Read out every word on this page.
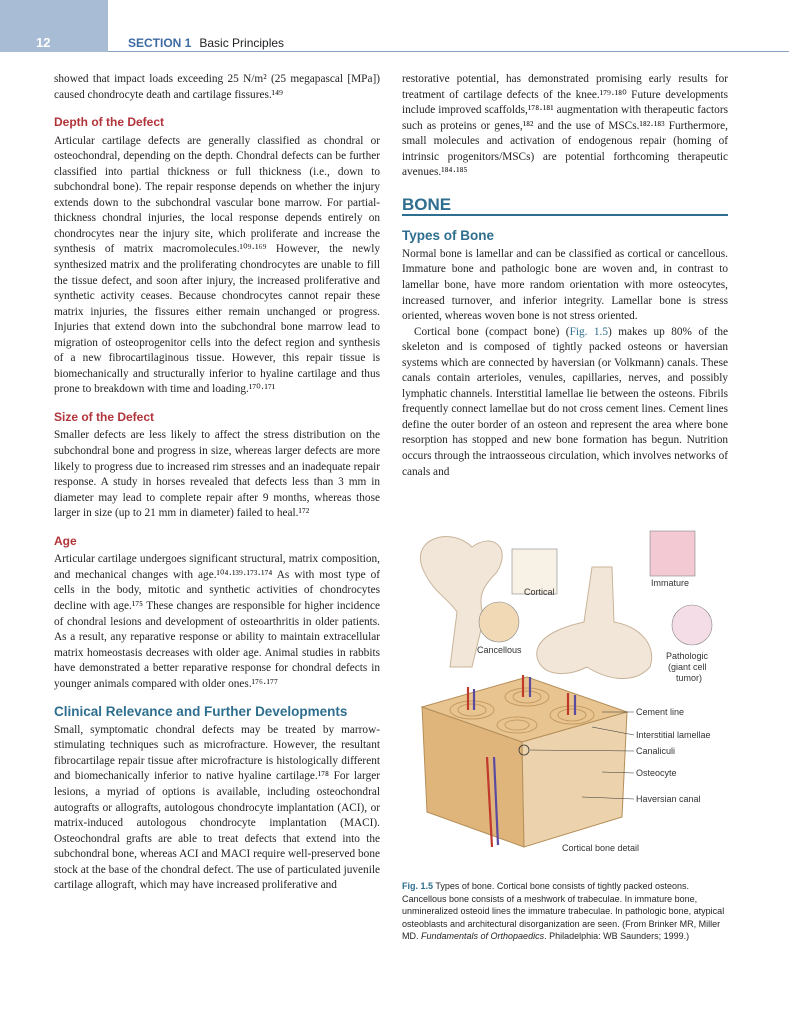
12	SECTION 1 Basic Principles

showed that impact loads exceeding 25 N/m² (25 megapascal [MPa]) caused chondrocyte death and cartilage fissures.¹⁴⁹

Depth of the Defect

Articular cartilage defects are generally classified as chondral or osteochondral, depending on the depth. Chondral defects can be further classified into partial thickness or full thickness (i.e., down to subchondral bone). The repair response depends on whether the injury extends down to the subchondral vascular bone marrow. For partial-thickness chondral injuries, the local response depends entirely on chondrocytes near the injury site, which proliferate and increase the synthesis of matrix macromolecules.¹⁰⁹·¹⁶⁹ However, the newly synthesized matrix and the proliferating chondrocytes are unable to fill the tissue defect, and soon after injury, the increased proliferative and synthetic activity ceases. Because chondrocytes cannot repair these matrix injuries, the fissures either remain unchanged or progress. Injuries that extend down into the subchondral bone marrow lead to migration of osteoprogenitor cells into the defect region and synthesis of a new fibrocartilaginous tissue. However, this repair tissue is biomechanically and structurally inferior to hyaline cartilage and thus prone to breakdown with time and loading.¹⁷⁰·¹⁷¹

Size of the Defect

Smaller defects are less likely to affect the stress distribution on the subchondral bone and progress in size, whereas larger defects are more likely to progress due to increased rim stresses and an inadequate repair response. A study in horses revealed that defects less than 3 mm in diameter may lead to complete repair after 9 months, whereas those larger in size (up to 21 mm in diameter) failed to heal.¹⁷²

Age

Articular cartilage undergoes significant structural, matrix composition, and mechanical changes with age.¹⁰⁴·¹³⁹·¹⁷³·¹⁷⁴ As with most type of cells in the body, mitotic and synthetic activities of chondrocytes decline with age.¹⁷⁵ These changes are responsible for higher incidence of chondral lesions and development of osteoarthritis in older patients. As a result, any reparative response or ability to maintain extracellular matrix homeostasis decreases with older age. Animal studies in rabbits have demonstrated a better reparative response for chondral defects in younger animals compared with older ones.¹⁷⁶·¹⁷⁷

Clinical Relevance and Further Developments

Small, symptomatic chondral defects may be treated by marrow-stimulating techniques such as microfracture. However, the resultant fibrocartilage repair tissue after microfracture is histologically different and biomechanically inferior to native hyaline cartilage.¹⁷⁸ For larger lesions, a myriad of options is available, including osteochondral autografts or allografts, autologous chondrocyte implantation (ACI), or matrix-induced autologous chondrocyte implantation (MACI). Osteochondral grafts are able to treat defects that extend into the subchondral bone, whereas ACI and MACI require well-preserved bone stock at the base of the chondral defect. The use of particulated juvenile cartilage allograft, which may have increased proliferative and

restorative potential, has demonstrated promising early results for treatment of cartilage defects of the knee.¹⁷⁹·¹⁸⁰ Future developments include improved scaffolds,¹⁷⁸·¹⁸¹ augmentation with therapeutic factors such as proteins or genes,¹⁸² and the use of MSCs.¹⁸²·¹⁸³ Furthermore, small molecules and activation of endogenous repair (homing of intrinsic progenitors/MSCs) are potential forthcoming therapeutic avenues.¹⁸⁴·¹⁸⁵

BONE
Types of Bone

Normal bone is lamellar and can be classified as cortical or cancellous. Immature bone and pathologic bone are woven and, in contrast to lamellar bone, have more random orientation with more osteocytes, increased turnover, and inferior integrity. Lamellar bone is stress oriented, whereas woven bone is not stress oriented.

Cortical bone (compact bone) (Fig. 1.5) makes up 80% of the skeleton and is composed of tightly packed osteons or haversian systems which are connected by haversian (or Volkmann) canals. These canals contain arterioles, venules, capillaries, nerves, and possibly lymphatic channels. Interstitial lamellae lie between the osteons. Fibrils frequently connect lamellae but do not cross cement lines. Cement lines define the outer border of an osteon and represent the area where bone resorption has stopped and new bone formation has begun. Nutrition occurs through the intraosseous circulation, which involves networks of canals and

Cortical
Immature
Cancellous
Pathologic
(giant cell
tumor)
Cement line
Interstitial lamellae
Canaliculi
Osteocyte
Haversian canal
Cortical bone detail
Fig. 1.5 Types of bone. Cortical bone consists of tightly packed osteons. Cancellous bone consists of a meshwork of trabeculae. In immature bone, unmineralized osteoid lines the immature trabeculae. In pathologic bone, atypical osteoblasts and architectural disorganization are seen. (From Brinker MR, Miller MD. Fundamentals of Orthopaedics. Philadelphia: WB Saunders; 1999.)
